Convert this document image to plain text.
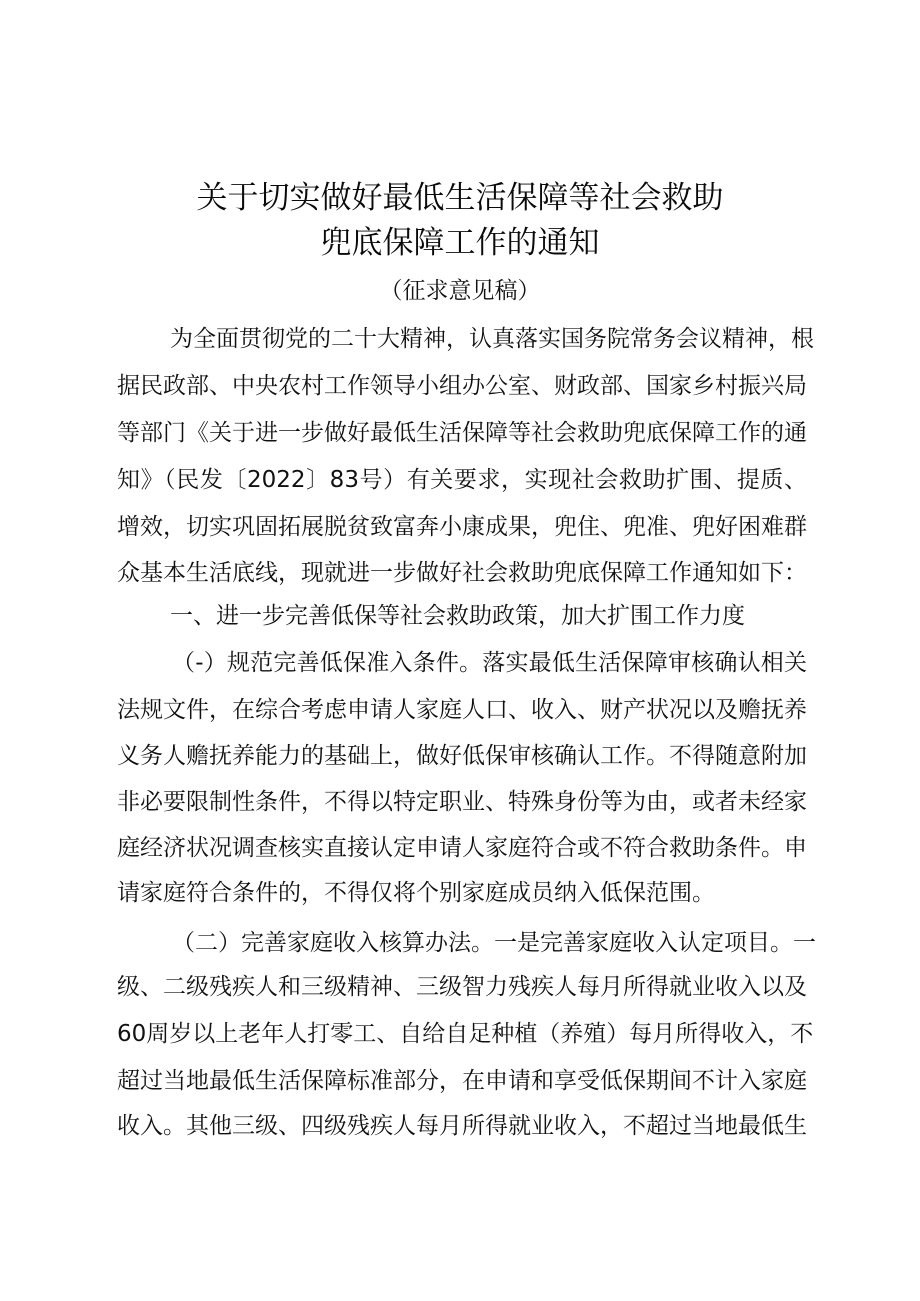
关于切实做好最低生活保障等社会救助
兜底保障工作的通知
（征求意见稿）
为全面贯彻党的二十大精神，认真落实国务院常务会议精神，根
据民政部、中央农村工作领导小组办公室、财政部、国家乡村振兴局
等部门《关于进一步做好最低生活保障等社会救助兜底保障工作的通
知》（民发〔2022〕83号）有关要求，实现社会救助扩围、提质、
增效，切实巩固拓展脱贫致富奔小康成果，兜住、兜准、兜好困难群
众基本生活底线，现就进一步做好社会救助兜底保障工作通知如下：
一、进一步完善低保等社会救助政策，加大扩围工作力度
（-）规范完善低保准入条件。落实最低生活保障审核确认相关
法规文件，在综合考虑申请人家庭人口、收入、财产状况以及赡抚养
义务人赡抚养能力的基础上，做好低保审核确认工作。不得随意附加
非必要限制性条件，不得以特定职业、特殊身份等为由，或者未经家
庭经济状况调查核实直接认定申请人家庭符合或不符合救助条件。申
请家庭符合条件的，不得仅将个别家庭成员纳入低保范围。
（二）完善家庭收入核算办法。一是完善家庭收入认定项目。一
级、二级残疾人和三级精神、三级智力残疾人每月所得就业收入以及
60周岁以上老年人打零工、自给自足种植（养殖）每月所得收入，不
超过当地最低生活保障标准部分，在申请和享受低保期间不计入家庭
收入。其他三级、四级残疾人每月所得就业收入，不超过当地最低生
